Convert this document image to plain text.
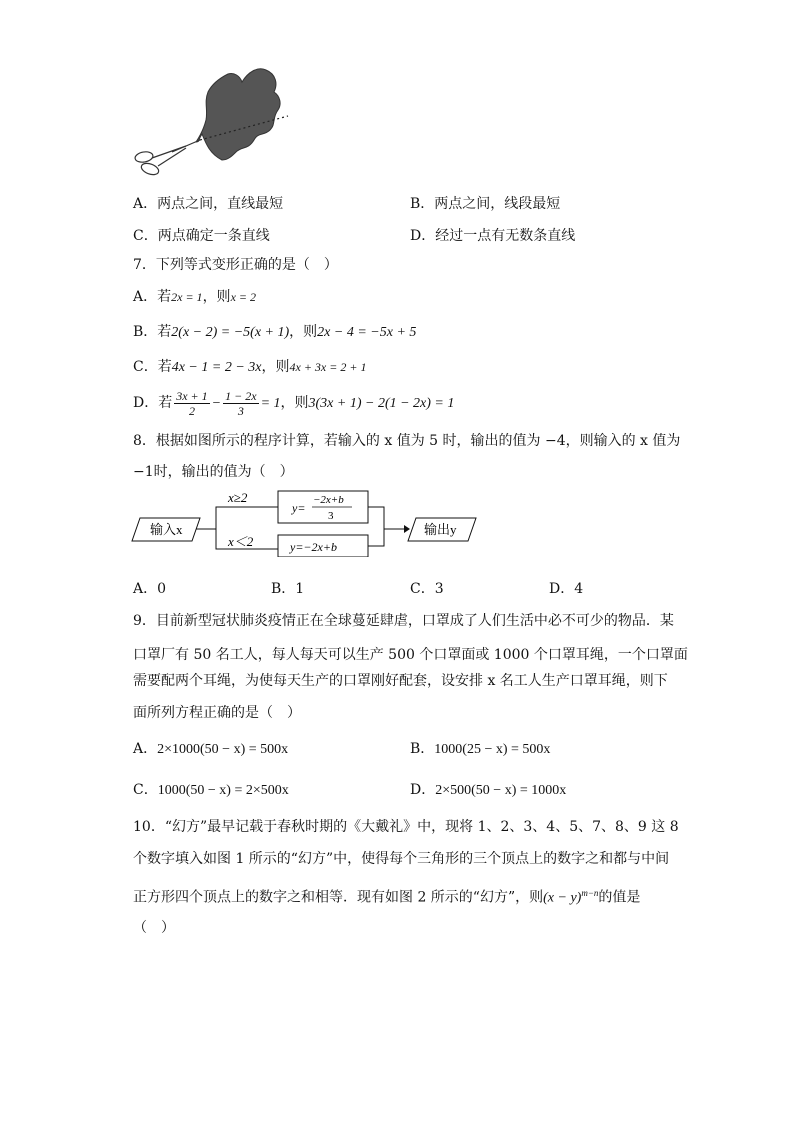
A．两点之间，直线最短	B．两点之间，线段最短
C．两点确定一条直线	D．经过一点有无数条直线
7．下列等式变形正确的是（　）
A．若2x = 1，则x = 2
B．若2(x − 2) = −5(x + 1)，则2x − 4 = −5x + 5
C．若4x − 1 = 2 − 3x，则4x + 3x = 2 + 1
D．若 $\frac{3x + 1}{2} - \frac{1 - 2x}{3} = 1$，则3(3x + 1) − 2(1 − 2x) = 1
8．根据如图所示的程序计算，若输入的 x 值为 5 时，输出的值为 −4，则输入的 x 值为
−1时，输出的值为（　）
输入x
x≥2
x＜2
y=
−2x+b
3
y=−2x+b
输出y
A．0	B．1	C．3	D．4
9．目前新型冠状肺炎疫情正在全球蔓延肆虐，口罩成了人们生活中必不可少的物品．某
口罩厂有 50 名工人，每人每天可以生产 500 个口罩面或 1000 个口罩耳绳，一个口罩面
需要配两个耳绳，为使每天生产的口罩刚好配套，设安排 x 名工人生产口罩耳绳，则下
面所列方程正确的是（　）
A．2×1000(50 − x) = 500x	B．1000(25 − x) = 500x
C．1000(50 − x) = 2×500x	D．2×500(50 − x) = 1000x
10．“幻方”最早记载于春秋时期的《大戴礼》中，现将 1、2、3、4、5、7、8、9 这 8
个数字填入如图 1 所示的“幻方”中，使得每个三角形的三个顶点上的数字之和都与中间
正方形四个顶点上的数字之和相等．现有如图 2 所示的“幻方”，则$(x - y)^{m-n}$的值是
（　）
